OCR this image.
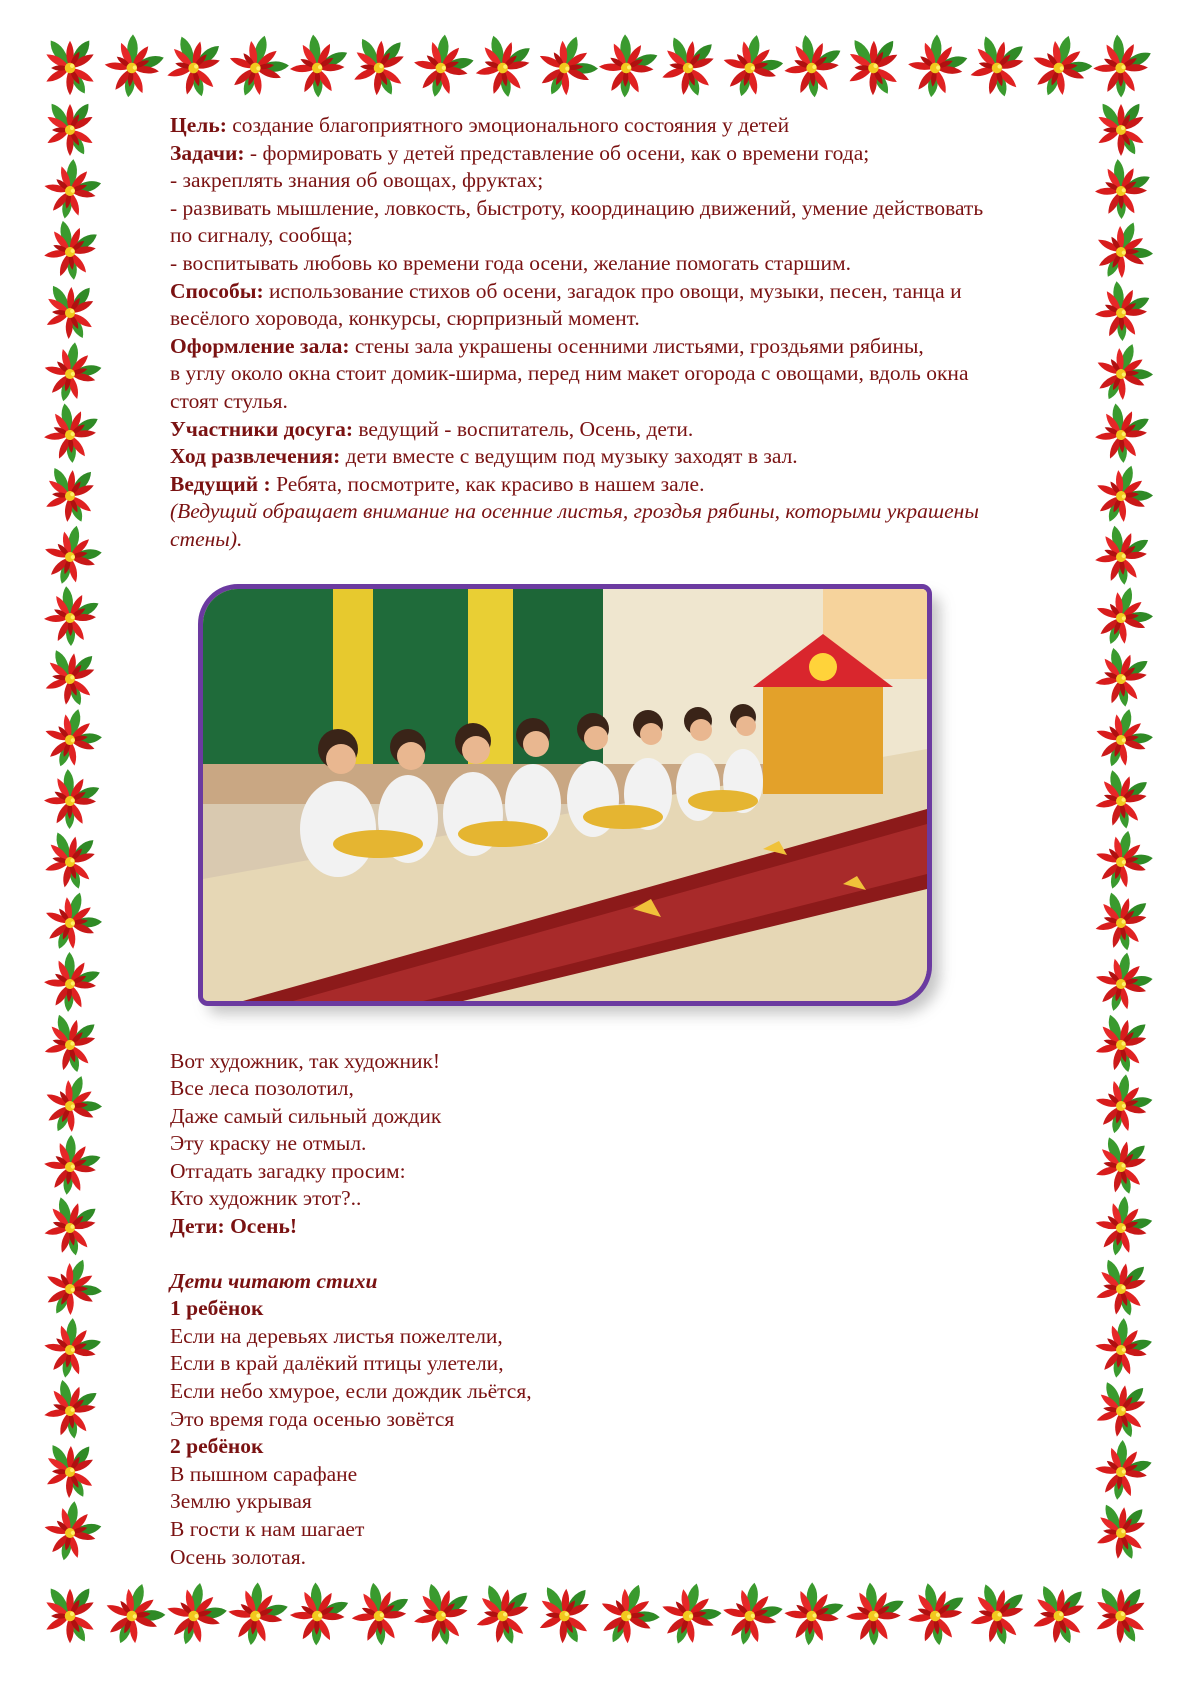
Цель: создание благоприятного эмоционального состояния у детей
Задачи: - формировать у детей представление об осени, как о времени года;
- закреплять знания об овощах, фруктах;
- развивать мышление, ловкость, быстроту, координацию движений, умение действовать
по сигналу, сообща;
- воспитывать любовь ко времени года осени, желание помогать старшим.
Способы: использование стихов об осени, загадок про овощи, музыки, песен, танца и
весёлого хоровода, конкурсы, сюрпризный момент.
Оформление зала: стены зала украшены осенними листьями, гроздьями рябины,
в углу около окна стоит домик-ширма, перед ним макет огорода с овощами, вдоль окна
стоят стулья.
Участники досуга: ведущий - воспитатель, Осень, дети.
Ход развлечения: дети вместе с ведущим под музыку заходят в зал.
Ведущий : Ребята, посмотрите, как красиво в нашем зале.
(Ведущий обращает внимание на осенние листья, гроздья рябины, которыми украшены
стены).
Вот художник, так художник!
Все леса позолотил,
Даже самый сильный дождик
Эту краску не отмыл.
Отгадать загадку просим:
Кто художник этот?..
Дети: Осень!
Дети читают стихи
1 ребёнок
Если на деревьях листья пожелтели,
Если в край далёкий птицы улетели,
Если небо хмурое, если дождик льётся,
Это время года осенью зовётся
2 ребёнок
В пышном сарафане
Землю укрывая
В гости к нам шагает
Осень золотая.
